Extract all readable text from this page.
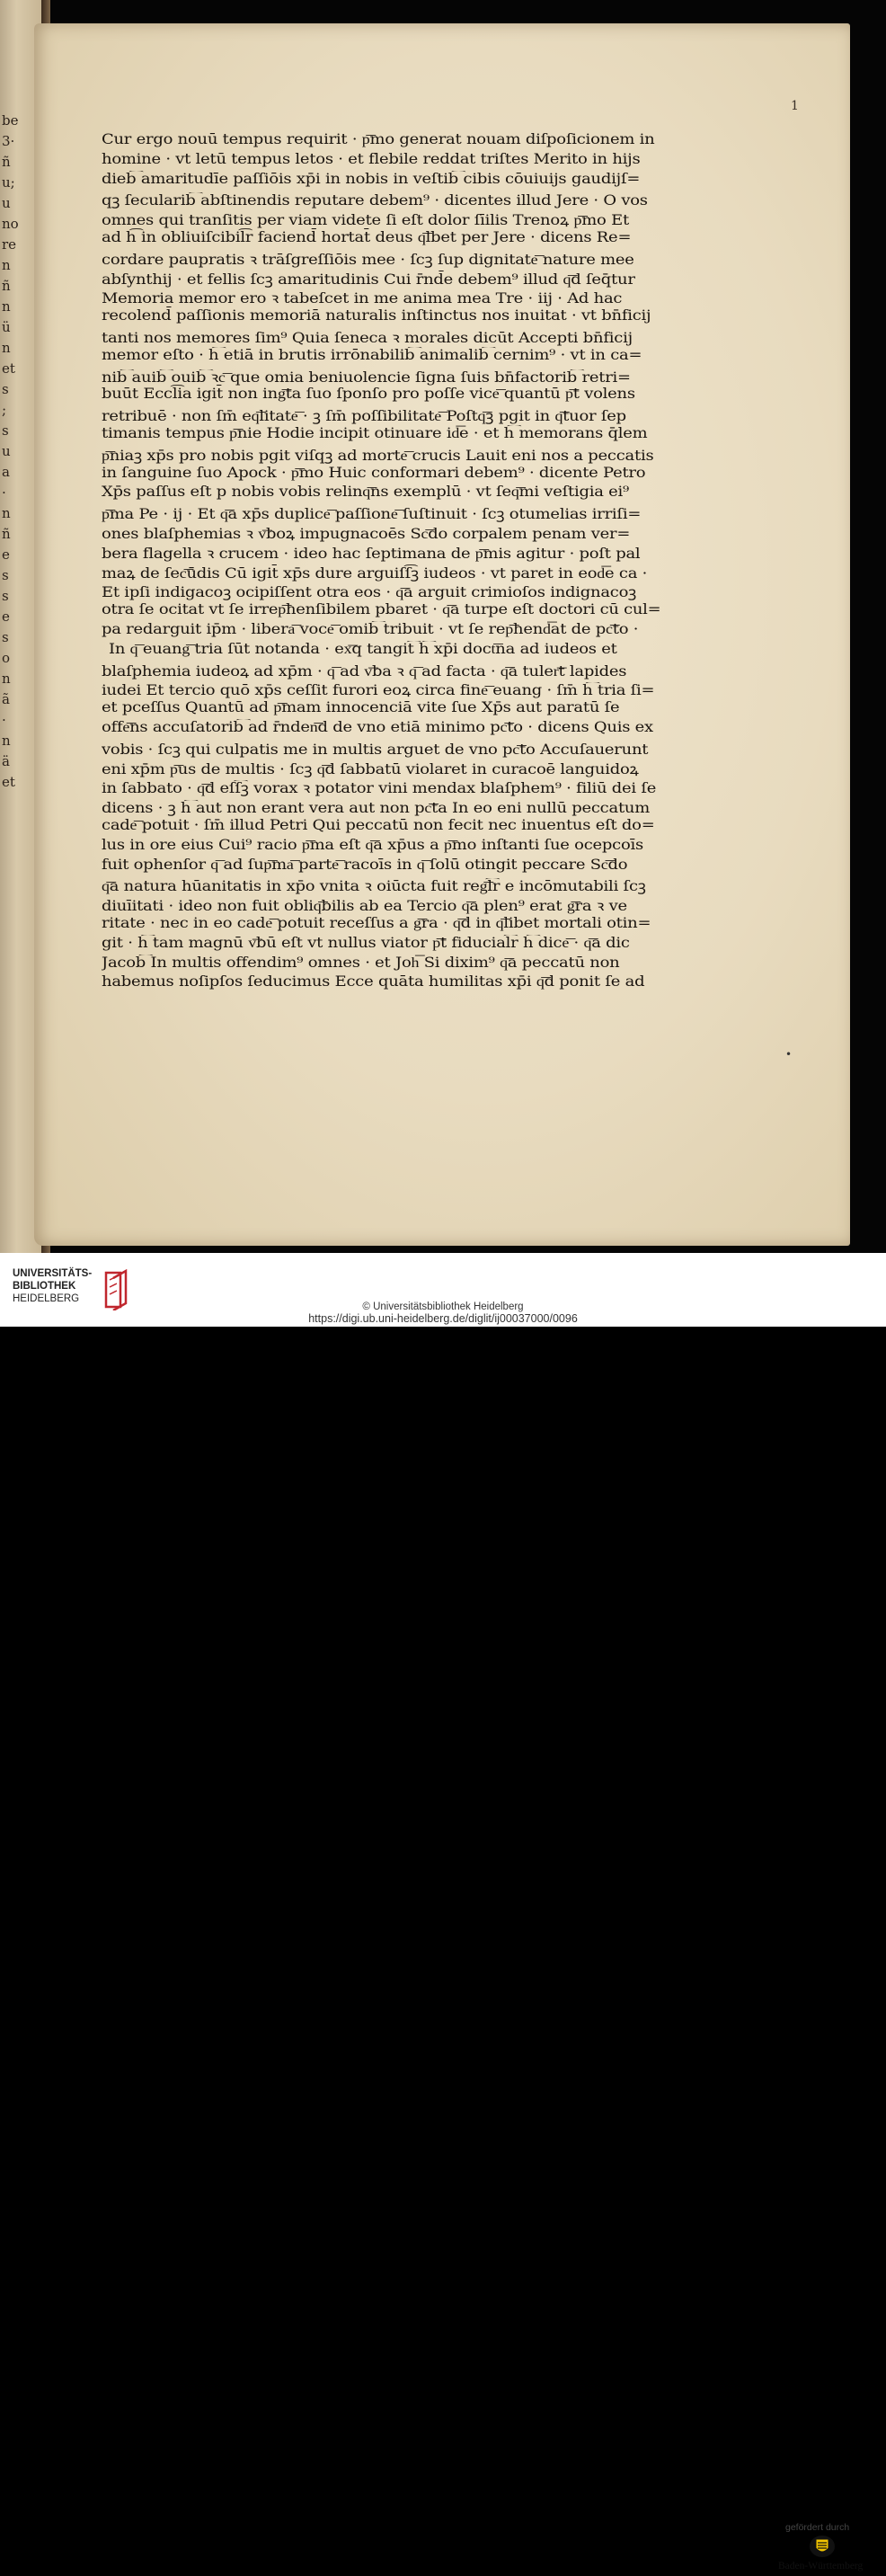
be
3·
ñ
u;
u
no
re
n
ñ
n
ü
n
et
s
;
s
u
a
·
n
ñ
e
s
s
e
s
o
n
ã
·
n
ä
et
1
Cur ergo nouū tempus requirit · p͞mo generat nouam diſpoſicionem in
homine · vt letū tempus letos · et flebile reddat triſtes Merito in hijs
dieb͡ amaritudīe paſſiōis xp̄i in nobis in veſtib͡ cibis cōuiuijs gaudijſ=
qꝫ ſecularib͡ abſtinendis reputare debem⁹ · dicentes illud Jere · O vos
omnes qui tranſitis per viam videte ſi eſt dolor ſīilis Trenoꝝ p͞mo Et
ad h͡ in obliuiſcibil͡r faciend̄ hortat̄ deus q͞lbet per Jere · dicens Re=
cordare paupratis ꝛ trāſgreſſiōis mee · ſcꝫ ſup dignitate͞ nature mee
abſynthij · et fellis ſcꝫ amaritudinis Cui r̄nd̄e debem⁹ illud q͞d ſeq̄tur
Memoria memor ero ꝛ tabeſcet in me anima mea Tre · iij · Ad hac
recolend̄ paſſionis memoriā naturalis inſtinctus nos inuitat · vt bn̄ficij
tanti nos memores ſim⁹ Quia ſeneca ꝛ morales dicūt Accepti bn̄ficij
memor eſto · h͡ etiā in brutis irrōnabilib͡ animalib͡ cernim⁹ · vt in ca=
nib͡ auib͡ ouib͡ ꝛc͞ que omia beniuolencie ſigna ſuis bn̄factorib͡ retri=
buūt Eccl͡ia igit̄ non ing͞ta ſuo ſponſo pro poſſe vice͞ quantū p͞t volens
retribuē · non ſm̄ eq͞litate͞ · ꝫ ſm̄ poſſibilitate͞ Poſtq͞ꝫ pgit in q͞tuor ſep
timanis tempus p͞nie Hodie incipit otinuare id͞e · et h͡ memorans q̄lem
p͞niaꝫ xp̄s pro nobis pgit viſqꝫ ad morte͞ crucis Lauit eni nos a peccatis
in ſanguine ſuo Apock · p͞mo Huic conformari debem⁹ · dicente Petro
Xp̄s paſſus eſt p nobis vobis relinq͞ns exemplū · vt ſeq͞mi veſtigia ei⁹
p͞ma Pe · ij · Et q͞a xp̄s duplice͞ paſſione͞ ſuſtinuit · ſcꝫ otumelias irriſi=
ones blaſphemias ꝛ v͞boꝝ impugnacoēs Sc͞do corpalem penam ver=
bera flagella ꝛ crucem · ideo hac ſeptimana de p͞mis agitur · poſt pal
maꝝ de ſec͞ūdis Cū igit̄ xp̄s dure arguiſſ͡ꝫ iudeos · vt paret in eod͞e ca ·
Et ipſi indigacoꝫ ocipiſſent otra eos · q͞a arguit crimioſos indignacoꝫ
otra ſe ocitat vt ſe irrep͞henſibilem pbaret · q͞a turpe eſt doctori cū cul=
pa redarguit ip̄m · libera͞ voce͞ omib͡ tribuit · vt ſe rep͞hend͞at de pc͞to ·
In q͞ euang͞ tria ſūt notanda · ex͞q tangit͡ h͡ xp̄i doct͞na ad iudeos et
blaſphemia iudeoꝝ ad xp̄m · q͞ ad v͞ba ꝛ q͞ ad facta · q͞a tuler͞t lapides
iudei Et tercio quō xp̄s ceſſit furori eoꝝ circa fine͞ euang · ſm̄ h͡ tria ſi=
et pceſſus Quantū ad p͞mam innocenciā vite ſue Xp̄s aut paratū ſe
offe͞ns accuſatorib͡ ad r̄nden͞d de vno etiā minimo pc͞to · dicens Quis ex
vobis · ſcꝫ qui culpatis me in multis arguet de vno pc͞to Accuſauerunt
eni xp̄m p͞us de multis · ſcꝫ q͞d ſabbatū violaret in curacoē languidoꝝ
in ſabbato · q͞d eſſ͡ꝫ vorax ꝛ potator vini mendax blaſphem⁹ · filiū dei ſe
dicens · ꝫ h͡ aut non erant vera aut non pc͞ta In eo eni nullū peccatum
cade͞ potuit · ſm̄ illud Petri Qui peccatū non fecit nec inuentus eſt do=
lus in ore eius Cui⁹ racio p͞ma eſt q͞a xp̄us a p͞mo inſtanti ſue ocepcoīs
fuit ophenſor q͞ ad ſup͞ma͞ parte͞ racoīs in q͞ ſolū otingit peccare Sc͞do
q͞a natura hūanitatis in xp̄o vnita ꝛ oiūcta fuit reg͞l͡r e incōmutabili ſcꝫ
diuīitati · ideo non fuit obliq͞bilis ab ea Tercio q͞a plen⁹ erat g͞ra ꝛ ve
ritate · nec in eo cade͞ potuit receſſus a g͞ra · q͞d in q͞libet mortali otin=
git · h͡ tam magnū v͞bū eſt vt nullus viator p͞t fiducial͡r h͡ dice͞ · q͞a dic
Jacob͡ In multis offendim⁹ omnes · et Joh͞ Si dixim⁹ q͞a peccatū non
habemus noſipſos ſeducimus Ecce quāta humilitas xp̄i q͞d ponit ſe ad
•
UNIVERSITÄTS-
BIBLIOTHEK
HEIDELBERG
gefördert durch
Baden-Württemberg
© Universitätsbibliothek Heidelberg
https://digi.ub.uni-heidelberg.de/diglit/ij00037000/0096
